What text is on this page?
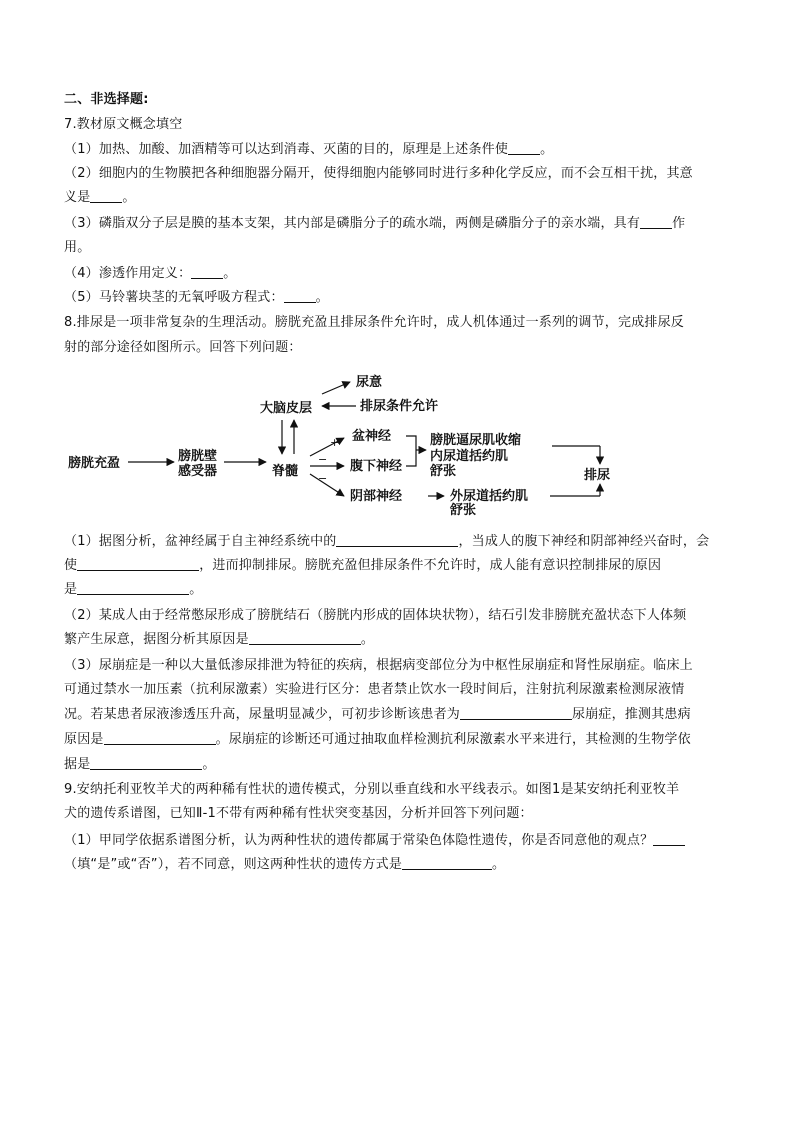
二、非选择题:
7.教材原文概念填空
（1）加热、加酸、加酒精等可以达到消毒、灭菌的目的，原理是上述条件使 。
（2）细胞内的生物膜把各种细胞器分隔开，使得细胞内能够同时进行多种化学反应，而不会互相干扰，其意
义是 。
（3）磷脂双分子层是膜的基本支架，其内部是磷脂分子的疏水端，两侧是磷脂分子的亲水端，具有 作
用。
（4）渗透作用定义： 。
（5）马铃薯块茎的无氧呼吸方程式： 。
8.排尿是一项非常复杂的生理活动。膀胱充盈且排尿条件允许时，成人机体通过一系列的调节，完成排尿反
射的部分途径如图所示。回答下列问题：
尿意
大脑皮层	排尿条件允许
膀胱充盈	膀胱壁
感受器	脊髓
+
−
−
盆神经
腹下神经
阴部神经
膀胱逼尿肌收缩
内尿道括约肌
舒张
外尿道括约肌
舒张
排尿
（1）据图分析，盆神经属于自主神经系统中的	，当成人的腹下神经和阴部神经兴奋时，会
使	，进而抑制排尿。膀胱充盈但排尿条件不允许时，成人能有意识控制排尿的原因
是	。
（2）某成人由于经常憋尿形成了膀胱结石（膀胱内形成的固体块状物），结石引发非膀胱充盈状态下人体频
繁产生尿意，据图分析其原因是	。
（3）尿崩症是一种以大量低渗尿排泄为特征的疾病，根据病变部位分为中枢性尿崩症和肾性尿崩症。临床上
可通过禁水一加压素（抗利尿激素）实验进行区分：患者禁止饮水一段时间后，注射抗利尿激素检测尿液情
况。若某患者尿液渗透压升高，尿量明显减少，可初步诊断该患者为	尿崩症，推测其患病
原因是	。尿崩症的诊断还可通过抽取血样检测抗利尿激素水平来进行，其检测的生物学依
据是	。
9.安纳托利亚牧羊犬的两种稀有性状的遗传模式，分别以垂直线和水平线表示。如图1是某安纳托利亚牧羊
犬的遗传系谱图，已知Ⅱ-1不带有两种稀有性状突变基因，分析并回答下列问题：
（1）甲同学依据系谱图分析，认为两种性状的遗传都属于常染色体隐性遗传，你是否同意他的观点？
（填“是”或“否”），若不同意，则这两种性状的遗传方式是	。
